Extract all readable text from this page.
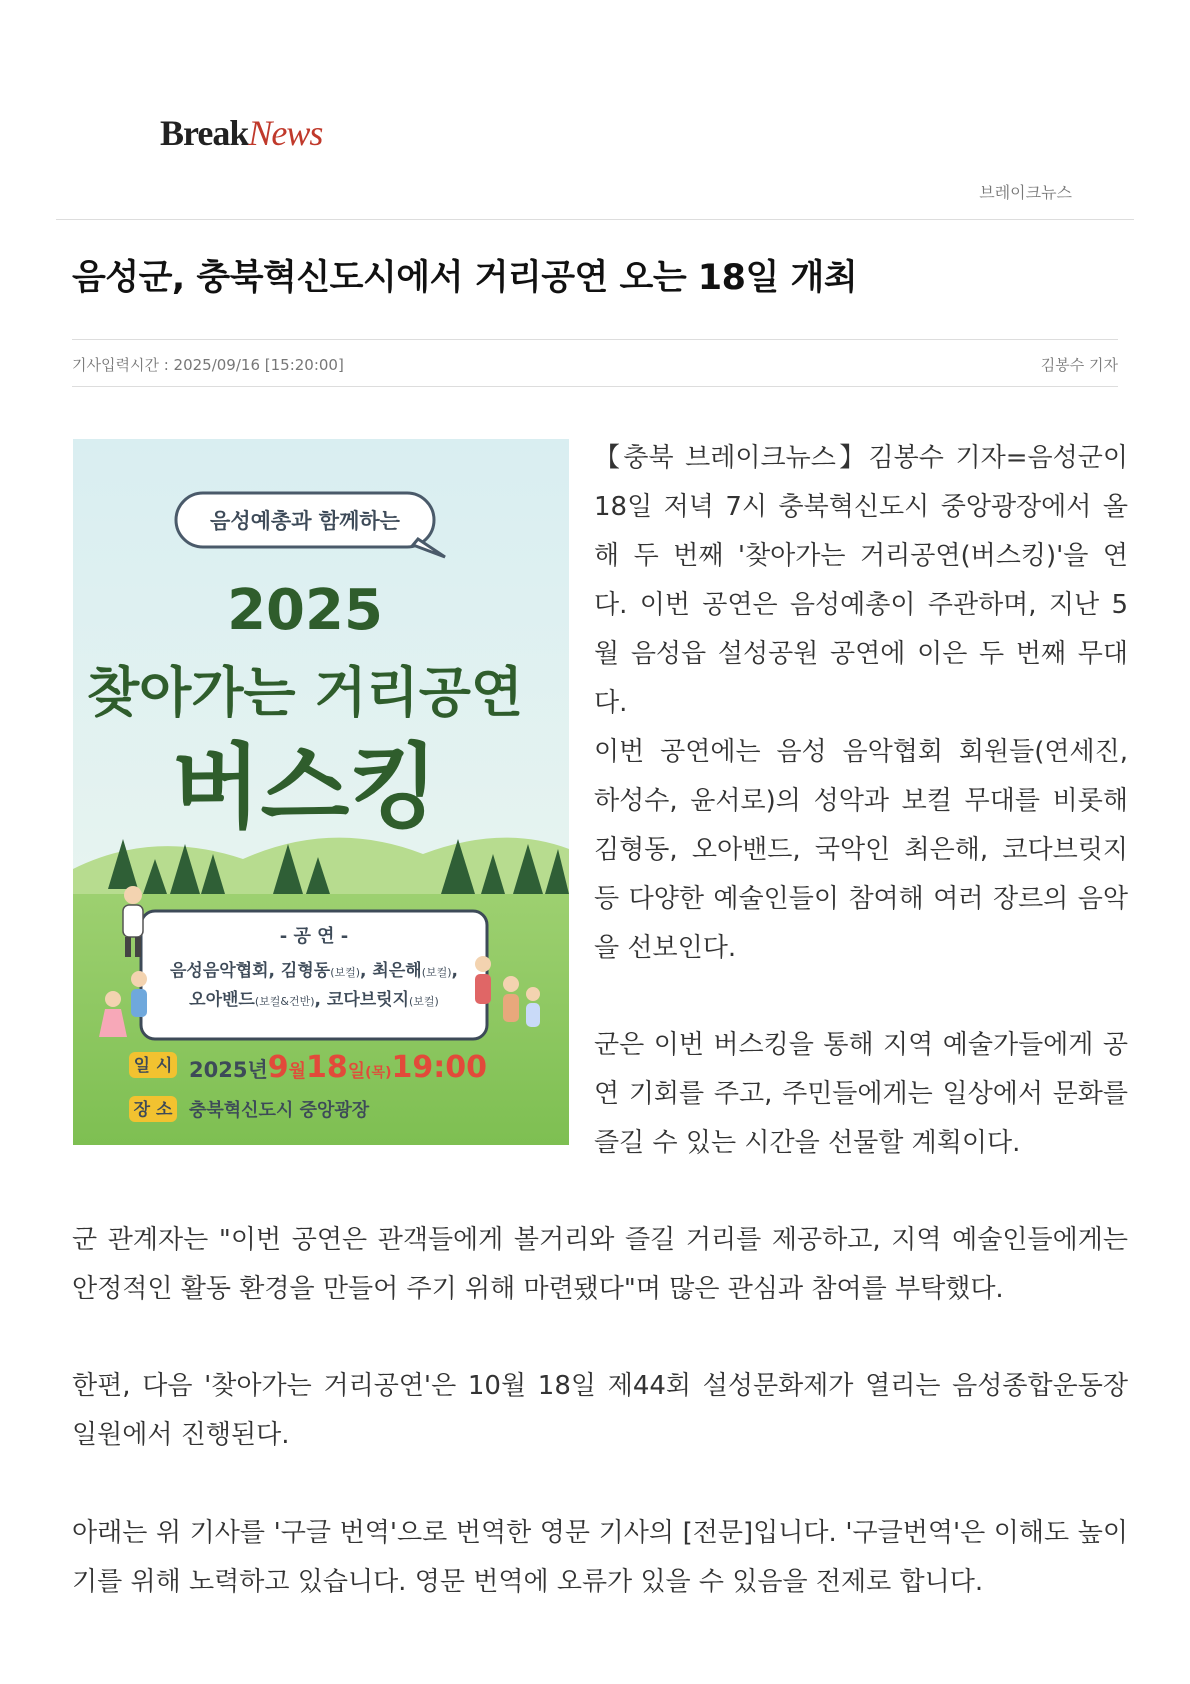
BreakNews
브레이크뉴스
음성군, 충북혁신도시에서 거리공연 오는 18일 개최
기사입력시간 : 2025/09/16 [15:20:00]	김봉수 기자
음성예총과 함께하는
2025
찾아가는 거리공연
버스킹
- 공 연 -
음성음악협회, 김형동(보컬), 최은해(보컬),
오아밴드(보컬&건반), 코다브릿지(보컬)
일 시 2025년9월18일(목)19:00
장 소 충북혁신도시 중앙광장

【충북 브레이크뉴스】김봉수 기자=음성군이 18일 저녁 7시 충북혁신도시 중앙광장에서 올해 두 번째 '찾아가는 거리공연(버스킹)'을 연다. 이번 공연은 음성예총이 주관하며, 지난 5월 음성읍 설성공원 공연에 이은 두 번째 무대다.

이번 공연에는 음성 음악협회 회원들(연세진, 하성수, 윤서로)의 성악과 보컬 무대를 비롯해 김형동, 오아밴드, 국악인 최은해, 코다브릿지 등 다양한 예술인들이 참여해 여러 장르의 음악을 선보인다.

군은 이번 버스킹을 통해 지역 예술가들에게 공연 기회를 주고, 주민들에게는 일상에서 문화를 즐길 수 있는 시간을 선물할 계획이다.

군 관계자는 "이번 공연은 관객들에게 볼거리와 즐길 거리를 제공하고, 지역 예술인들에게는 안정적인 활동 환경을 만들어 주기 위해 마련됐다"며 많은 관심과 참여를 부탁했다.

한편, 다음 '찾아가는 거리공연'은 10월 18일 제44회 설성문화제가 열리는 음성종합운동장 일원에서 진행된다.

아래는 위 기사를 '구글 번역'으로 번역한 영문 기사의 [전문]입니다. '구글번역'은 이해도 높이기를 위해 노력하고 있습니다. 영문 번역에 오류가 있을 수 있음을 전제로 합니다.
